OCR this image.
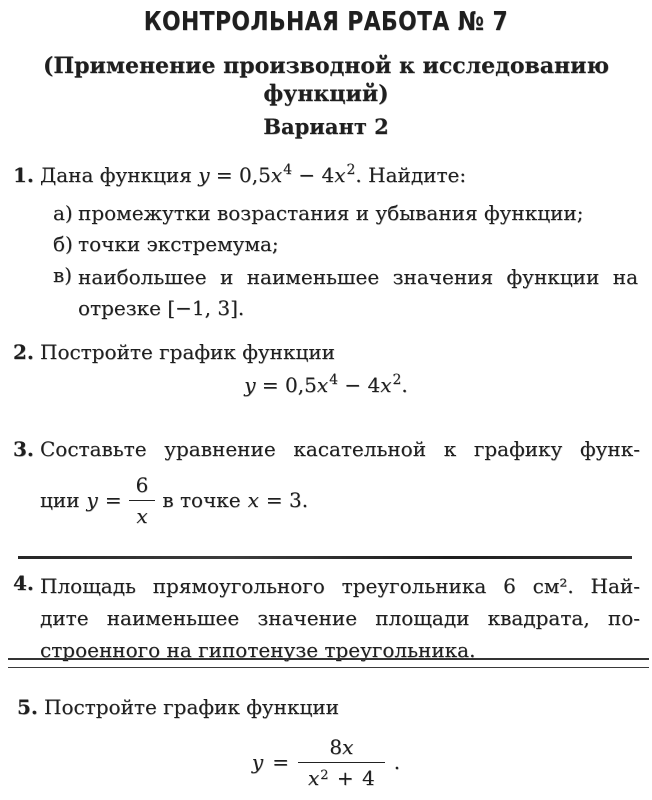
КОНТРОЛЬНАЯ РАБОТА № 7
(Применение производной к исследованию функций)
Вариант 2
1. Дана функция $y = 0,5x^4 - 4x^2$. Найдите:
а) промежутки возрастания и убывания функции;
б) точки экстремума;
в) наибольшее и наименьшее значения функции на
отрезке [−1, 3].
2. Постройте график функции
$y = 0,5x^4 - 4x^2$.
3. Составьте уравнение касательной к графику функ-
ции $y = \frac{6}{x}$ в точке x = 3.
4. Площадь прямоугольного треугольника 6 см². Най-
дите наименьшее значение площади квадрата, по-
строенного на гипотенузе треугольника.
5. Постройте график функции
$y = \frac{8x}{x^2 + 4}$ .
